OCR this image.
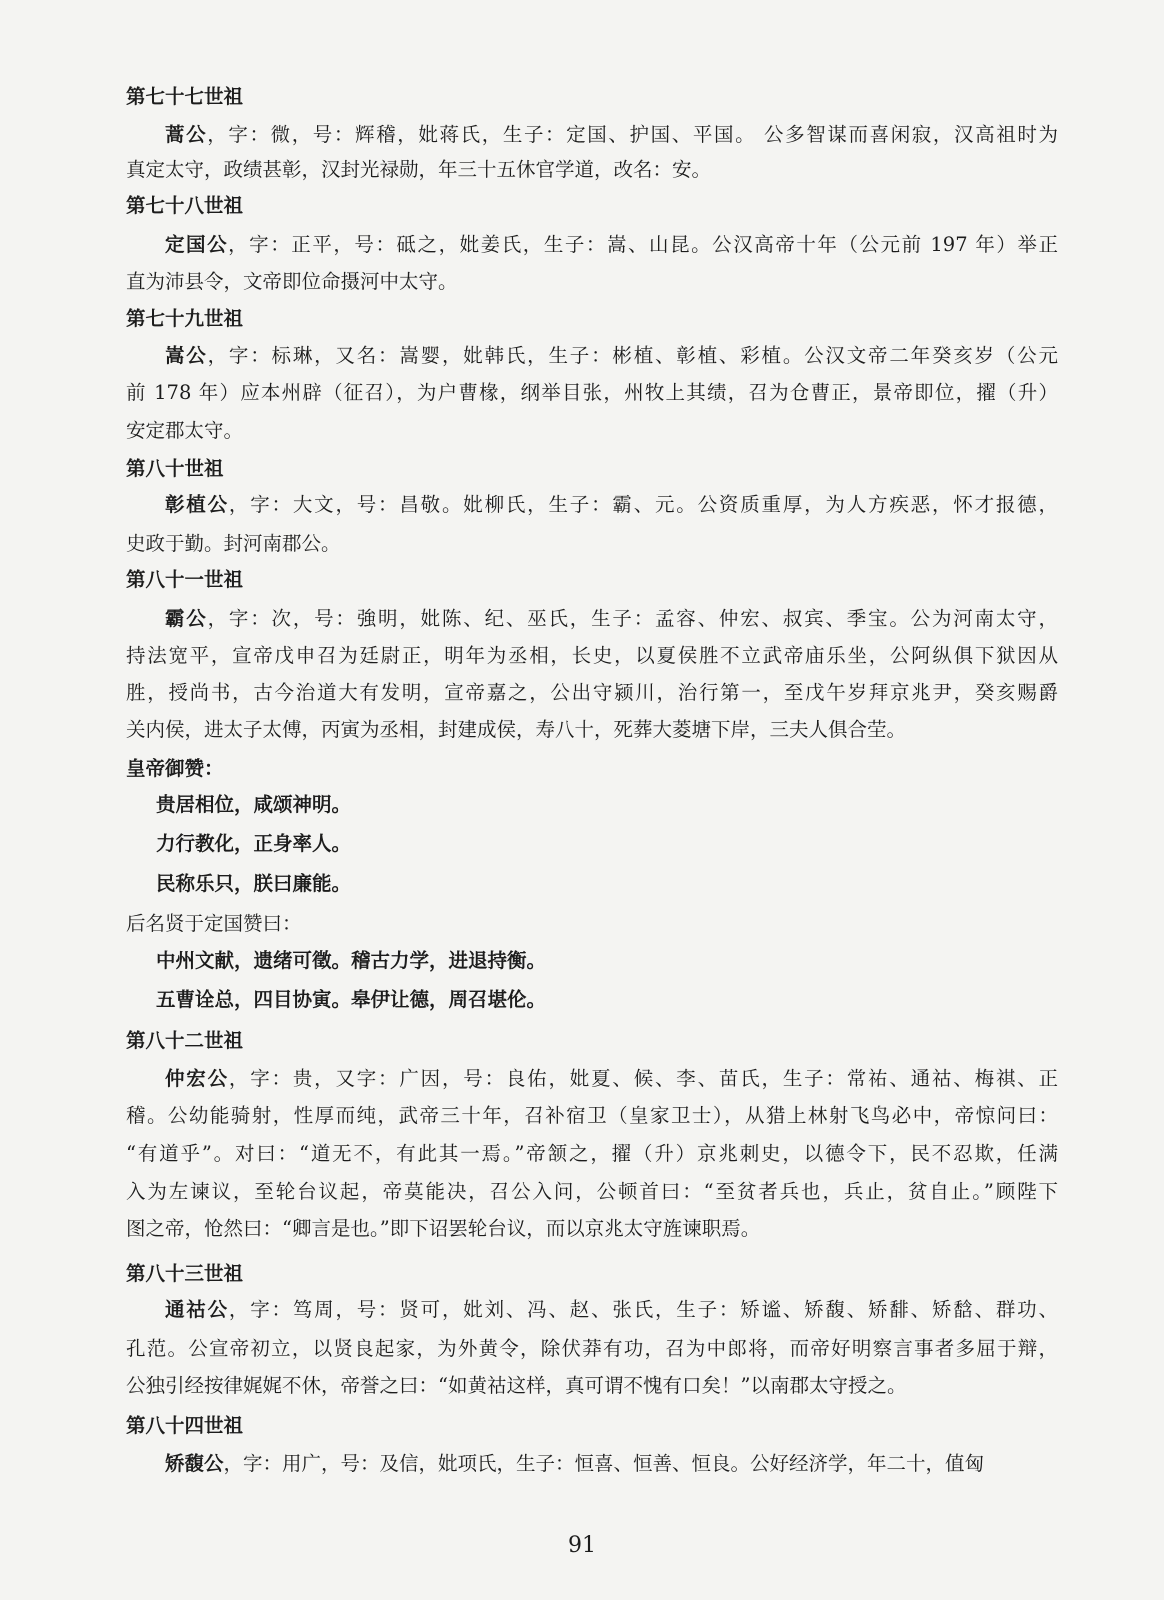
第七十七世祖
蒿公，字：微，号：辉稽，妣蒋氏，生子：定国、护国、平国。 公多智谋而喜闲寂，汉高祖时为
真定太守，政绩甚彰，汉封光禄勋，年三十五休官学道，改名：安。
第七十八世祖
定国公，字：正平，号：砥之，妣姜氏，生子：嵩、山昆。公汉高帝十年（公元前 197 年）举正
直为沛县令，文帝即位命摄河中太守。
第七十九世祖
嵩公，字：标琳，又名：嵩婴，妣韩氏，生子：彬植、彰植、彩植。公汉文帝二年癸亥岁（公元
前 178 年）应本州辟（征召），为户曹椽，纲举目张，州牧上其绩，召为仓曹正，景帝即位，擢（升）
安定郡太守。
第八十世祖
彰植公，字：大文，号：昌敬。妣柳氏，生子：霸、元。公资质重厚，为人方疾恶，怀才报德，
史政于勤。封河南郡公。
第八十一世祖
霸公，字：次，号：強明，妣陈、纪、巫氏，生子：孟容、仲宏、叔宾、季宝。公为河南太守，
持法宽平，宣帝戊申召为廷尉正，明年为丞相，长史，以夏侯胜不立武帝庙乐坐，公阿纵俱下狱因从
胜，授尚书，古今治道大有发明，宣帝嘉之，公出守颍川，治行第一，至戊午岁拜京兆尹，癸亥赐爵
关内侯，进太子太傅，丙寅为丞相，封建成侯，寿八十，死葬大菱塘下岸，三夫人俱合茔。
皇帝御赞：
贵居相位，咸颂神明。
力行教化，正身率人。
民称乐只，朕曰廉能。
后名贤于定国赞曰：
中州文献，遗绪可徵。稽古力学，进退持衡。
五曹诠总，四目协寅。皋伊让德，周召堪伦。
第八十二世祖
仲宏公，字：贵，又字：广因，号：良佑，妣夏、候、李、苗氏，生子：常祐、通祜、梅祺、正
稽。公幼能骑射，性厚而纯，武帝三十年，召补宿卫（皇家卫士），从猎上林射飞鸟必中，帝惊问曰：
“有道乎”。对曰：“道无不，有此其一焉。”帝颔之，擢（升）京兆刺史，以德令下，民不忍欺，任满
入为左谏议，至轮台议起，帝莫能决，召公入问，公顿首曰：“至贫者兵也，兵止，贫自止。”顾陛下
图之帝，怆然曰：“卿言是也。”即下诏罢轮台议，而以京兆太守旌谏职焉。
第八十三世祖
通祜公，字：笃周，号：贤可，妣刘、冯、赵、张氏，生子：矫谧、矫馥、矫馡、矫馠、群功、
孔范。公宣帝初立，以贤良起家，为外黄令，除伏莽有功，召为中郎将，而帝好明察言事者多屈于辩，
公独引经按律娓娓不休，帝誉之曰：“如黄祜这样，真可谓不愧有口矣！”以南郡太守授之。
第八十四世祖
矫馥公，字：用广，号：及信，妣项氏，生子：恒喜、恒善、恒良。公好经济学，年二十，值匈
91
